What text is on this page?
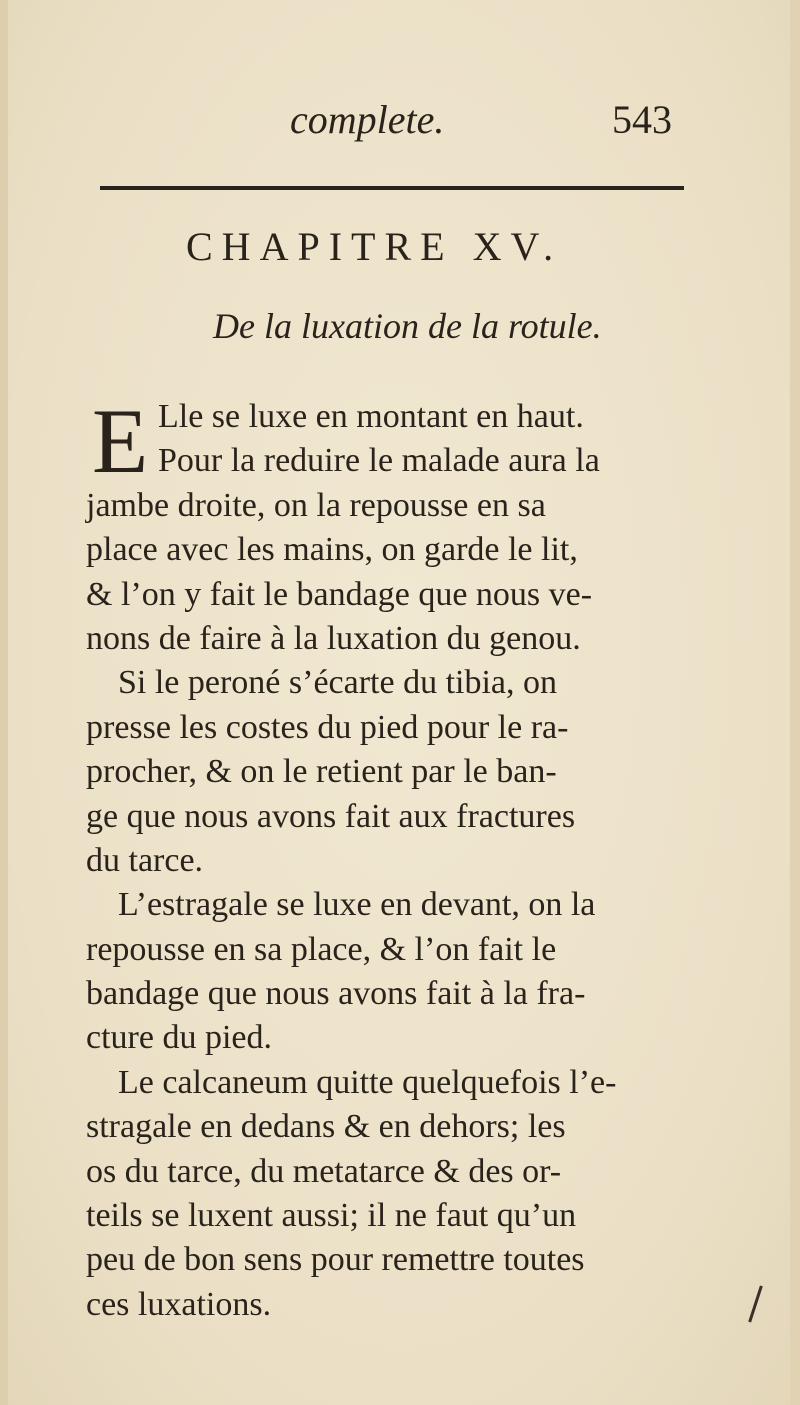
complete.	543
CHAPITRE XV.
De la luxation de la rotule.
E Lle se luxe en montant en haut.
Pour la reduire le malade aura la
jambe droite, on la repousse en sa
place avec les mains, on garde le lit,
& l’on y fait le bandage que nous ve-
nons de faire à la luxation du genou.
Si le peroné s’écarte du tibia, on
presse les costes du pied pour le ra-
procher, & on le retient par le ban-
ge que nous avons fait aux fractures
du tarce.
L’estragale se luxe en devant, on la
repousse en sa place, & l’on fait le
bandage que nous avons fait à la fra-
cture du pied.
Le calcaneum quitte quelquefois l’e-
stragale en dedans & en dehors; les
os du tarce, du metatarce & des or-
teils se luxent aussi; il ne faut qu’un
peu de bon sens pour remettre toutes
ces luxations.
